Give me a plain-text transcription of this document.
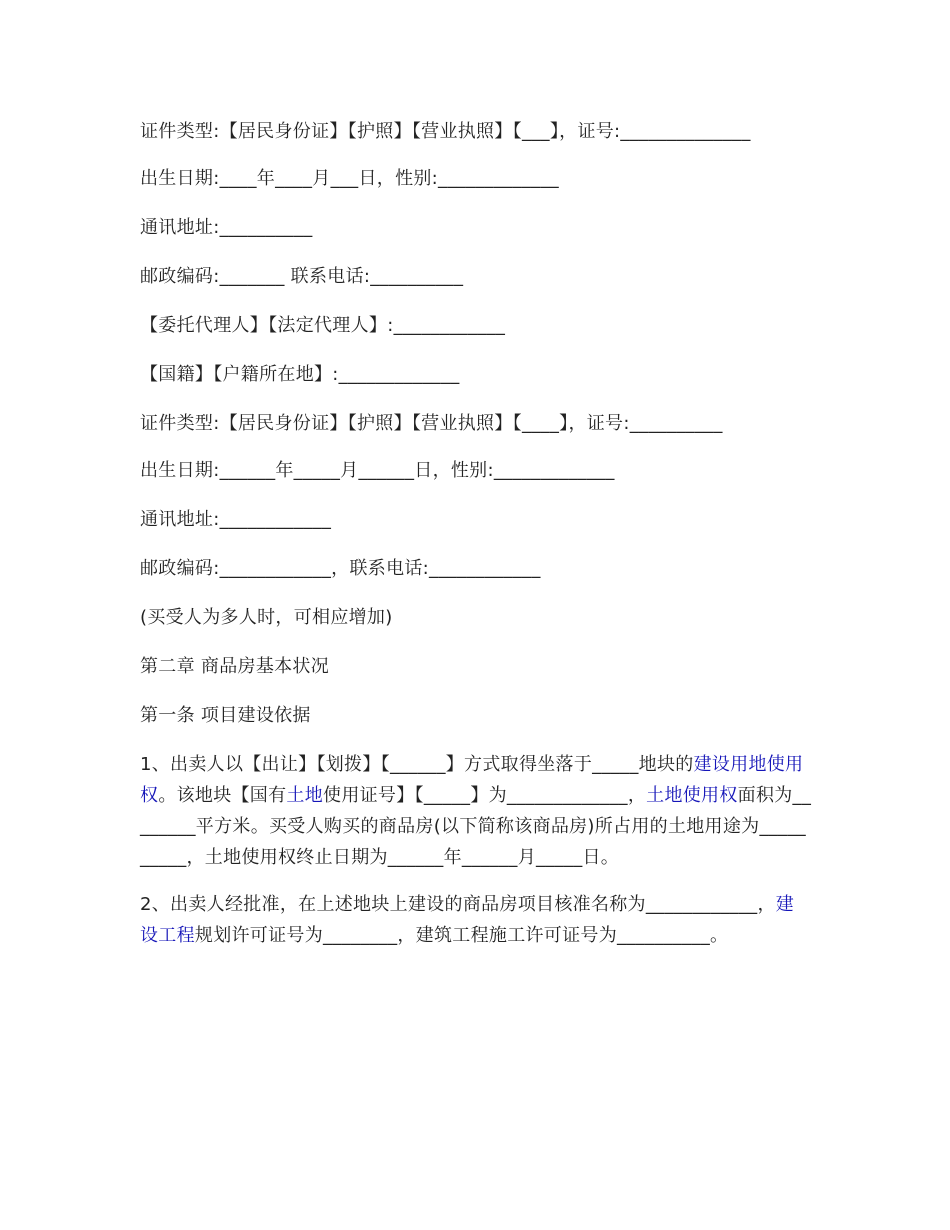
证件类型:【居民身份证】【护照】【营业执照】【___】，证号:______________

出生日期:____年____月___日，性别:_____________

通讯地址:__________

邮政编码:_______ 联系电话:__________

【委托代理人】【法定代理人】:____________

【国籍】【户籍所在地】:_____________

证件类型:【居民身份证】【护照】【营业执照】【____】，证号:__________

出生日期:______年_____月______日，性别:_____________

通讯地址:____________

邮政编码:____________，联系电话:____________

(买受人为多人时，可相应增加)

第二章 商品房基本状况

第一条 项目建设依据

1、出卖人以【出让】【划拨】【______】方式取得坐落于_____地块的建设用地使用权。该地块【国有土地使用证号】【_____】为_____________，土地使用权面积为________平方米。买受人购买的商品房(以下简称该商品房)所占用的土地用途为__________，土地使用权终止日期为______年______月_____日。

2、出卖人经批准，在上述地块上建设的商品房项目核准名称为____________，建设工程规划许可证号为________，建筑工程施工许可证号为__________。
